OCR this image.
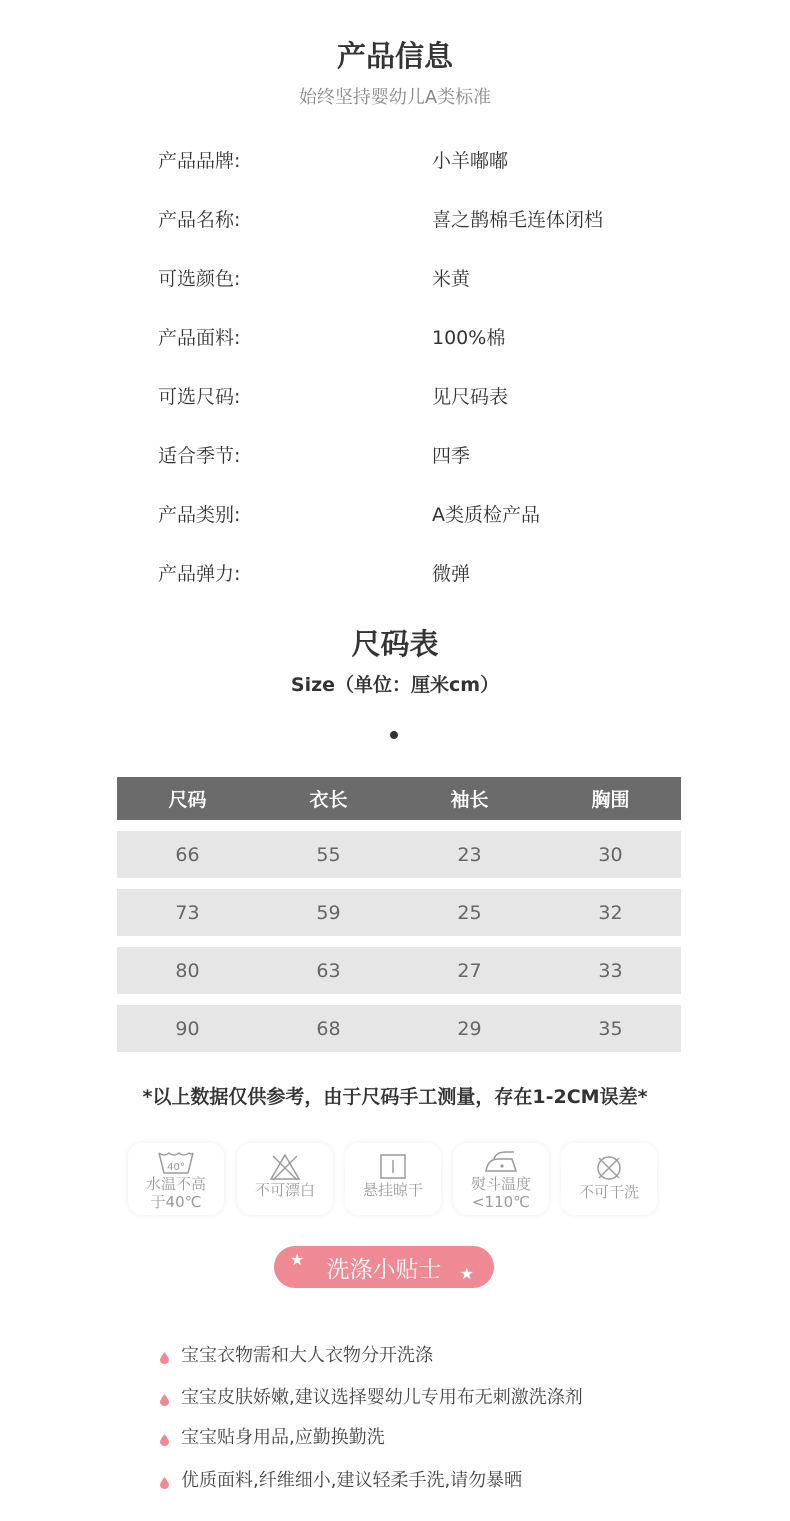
产品信息
始终坚持婴幼儿A类标准
产品品牌:	小羊嘟嘟
产品名称:	喜之鹊棉毛连体闭档
可选颜色:	米黄
产品面料:	100%棉
可选尺码:	见尺码表
适合季节:	四季
产品类别:	A类质检产品
产品弹力:	微弹
尺码表
Size（单位：厘米cm）
尺码	衣长	袖长	胸围
66	55	23	30
73	59	25	32
80	63	27	33
90	68	29	35
*以上数据仅供参考，由于尺码手工测量，存在1-2CM误差*
40°
水温不高
于40℃
不可漂白	悬挂晾干	熨斗温度
<110℃
不可干洗
★ 洗涤小贴士 ★
宝宝衣物需和大人衣物分开洗涤
宝宝皮肤娇嫩,建议选择婴幼儿专用布无刺激洗涤剂
宝宝贴身用品,应勤换勤洗
优质面料,纤维细小,建议轻柔手洗,请勿暴晒
